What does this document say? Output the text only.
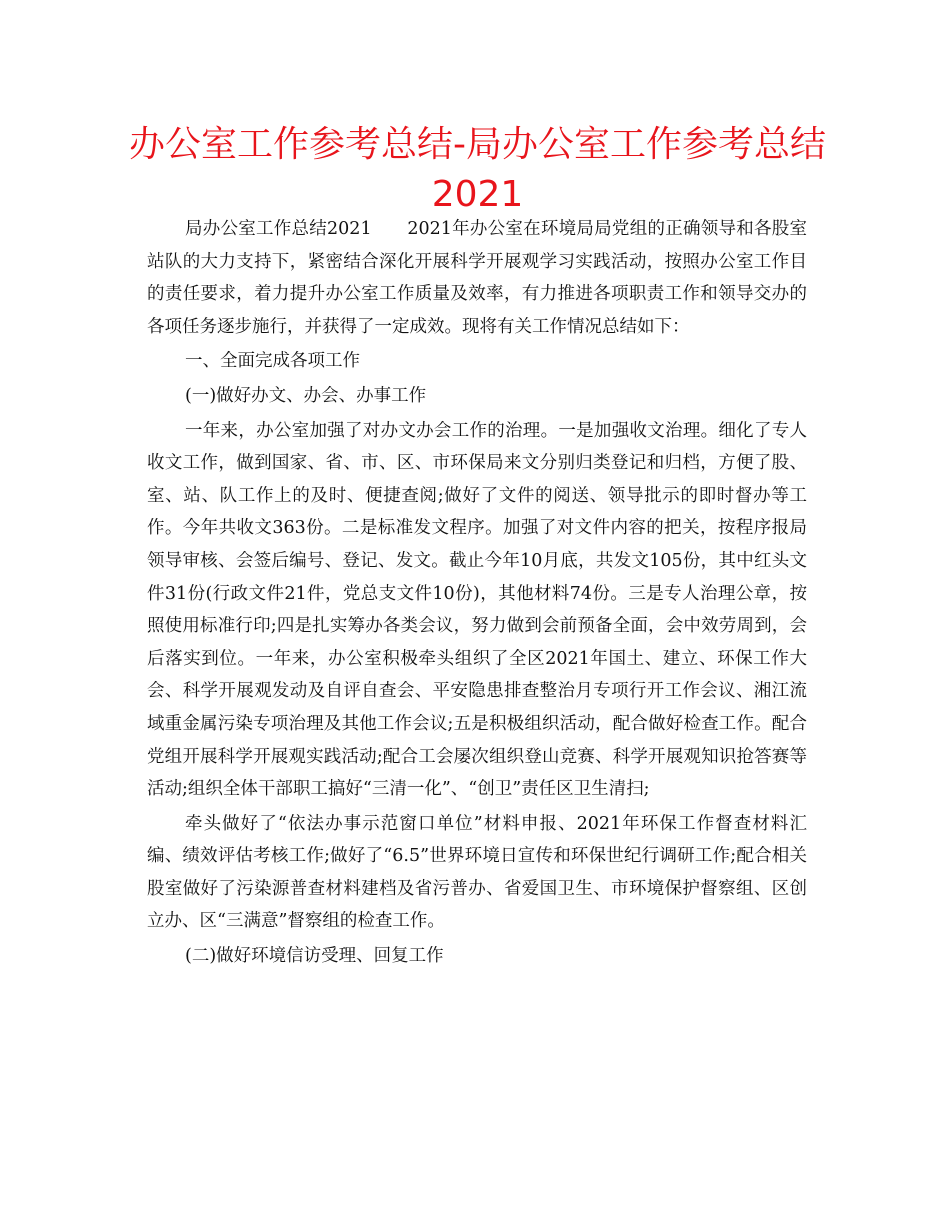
办公室工作参考总结-局办公室工作参考总结2021

局办公室工作总结2021　　2021年办公室在环境局局党组的正确领导和各股室站队的大力支持下，紧密结合深化开展科学开展观学习实践活动，按照办公室工作目的责任要求，着力提升办公室工作质量及效率，有力推进各项职责工作和领导交办的各项任务逐步施行，并获得了一定成效。现将有关工作情况总结如下：

一、全面完成各项工作

(一)做好办文、办会、办事工作

一年来，办公室加强了对办文办会工作的治理。一是加强收文治理。细化了专人收文工作，做到国家、省、市、区、市环保局来文分别归类登记和归档，方便了股、室、站、队工作上的及时、便捷查阅;做好了文件的阅送、领导批示的即时督办等工作。今年共收文363份。二是标准发文程序。加强了对文件内容的把关，按程序报局领导审核、会签后编号、登记、发文。截止今年10月底，共发文105份，其中红头文件31份(行政文件21件，党总支文件10份)，其他材料74份。三是专人治理公章，按照使用标准行印;四是扎实筹办各类会议，努力做到会前预备全面，会中效劳周到，会后落实到位。一年来，办公室积极牵头组织了全区2021年国土、建立、环保工作大会、科学开展观发动及自评自查会、平安隐患排查整治月专项行开工作会议、湘江流域重金属污染专项治理及其他工作会议;五是积极组织活动，配合做好检查工作。配合党组开展科学开展观实践活动;配合工会屡次组织登山竞赛、科学开展观知识抢答赛等活动;组织全体干部职工搞好“三清一化”、“创卫”责任区卫生清扫;

牵头做好了“依法办事示范窗口单位”材料申报、2021年环保工作督查材料汇编、绩效评估考核工作;做好了“6.5”世界环境日宣传和环保世纪行调研工作;配合相关股室做好了污染源普查材料建档及省污普办、省爱国卫生、市环境保护督察组、区创立办、区“三满意”督察组的检查工作。

(二)做好环境信访受理、回复工作
